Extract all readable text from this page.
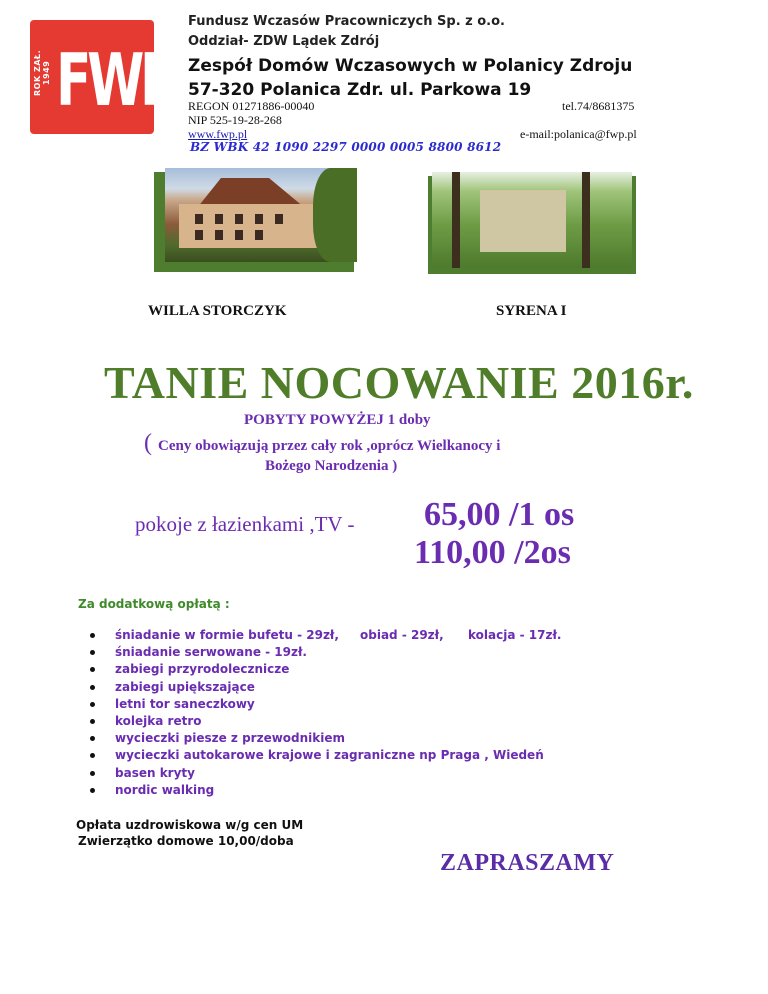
ROK ZAŁ. 1949 FWP
Fundusz Wczasów Pracowniczych Sp. z o.o.
Oddział- ZDW Lądek Zdrój
Zespół Domów Wczasowych w Polanicy Zdroju
57-320 Polanica Zdr. ul. Parkowa 19
REGON 01271886-00040
NIP 525-19-28-268
www.fwp.pl
tel.74/8681375
e-mail:polanica@fwp.pl
BZ WBK 42 1090 2297 0000 0005 8800 8612
WILLA STORCZYK	SYRENA I
TANIE NOCOWANIE 2016r.
POBYTY POWYŻEJ 1 doby
( Ceny obowiązują przez cały rok ,oprócz Wielkanocy i
Bożego Narodzenia )
pokoje z łazienkami ,TV - 65,00 /1 os
110,00 /2os
Za dodatkową opłatą :
śniadanie w formie bufetu - 29zł, obiad - 29zł, kolacja - 17zł.
śniadanie serwowane - 19zł.
zabiegi przyrodolecznicze
zabiegi upiększające
letni tor saneczkowy
kolejka retro
wycieczki piesze z przewodnikiem
wycieczki autokarowe krajowe i zagraniczne np Praga , Wiedeń
basen kryty
nordic walking
Opłata uzdrowiskowa w/g cen UM
Zwierzątko domowe 10,00/doba
ZAPRASZAMY
